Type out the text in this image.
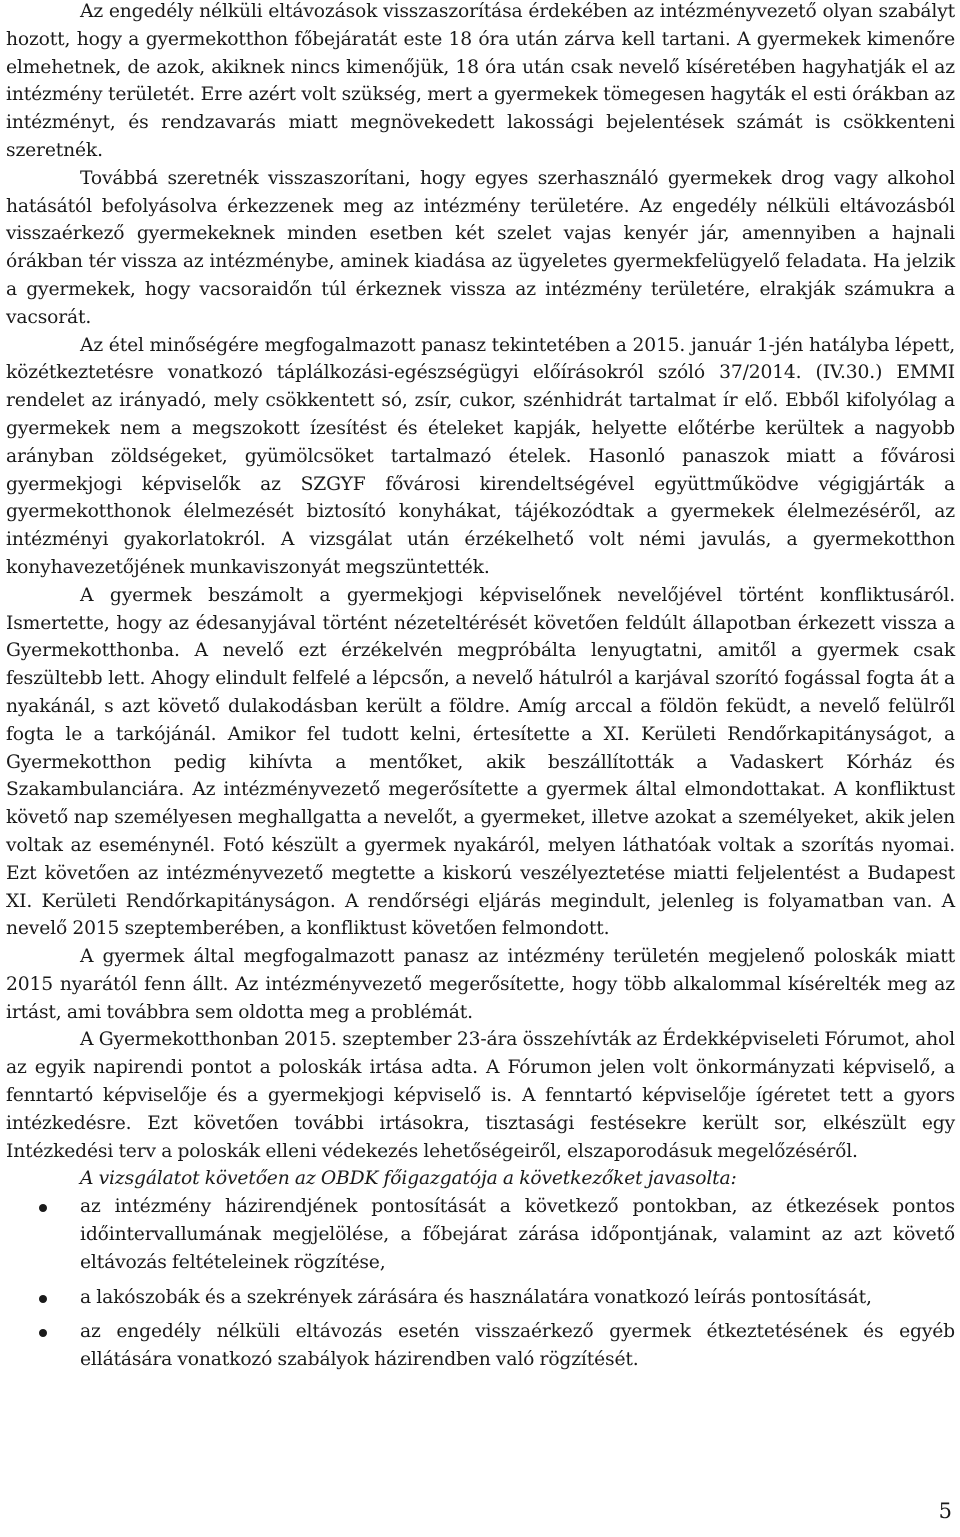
Az engedély nélküli eltávozások visszaszorítása érdekében az intézményvezető olyan szabályt hozott, hogy a gyermekotthon főbejáratát este 18 óra után zárva kell tartani. A gyermekek kimenőre elmehetnek, de azok, akiknek nincs kimenőjük, 18 óra után csak nevelő kíséretében hagyhatják el az intézmény területét. Erre azért volt szükség, mert a gyermekek tömegesen hagyták el esti órákban az intézményt, és rendzavarás miatt megnövekedett lakossági bejelentések számát is csökkenteni szeretnék.

Továbbá szeretnék visszaszorítani, hogy egyes szerhasználó gyermekek drog vagy alkohol hatásától befolyásolva érkezzenek meg az intézmény területére. Az engedély nélküli eltávozásból visszaérkező gyermekeknek minden esetben két szelet vajas kenyér jár, amennyiben a hajnali órákban tér vissza az intézménybe, aminek kiadása az ügyeletes gyermekfelügyelő feladata. Ha jelzik a gyermekek, hogy vacsoraidőn túl érkeznek vissza az intézmény területére, elrakják számukra a vacsorát.

Az étel minőségére megfogalmazott panasz tekintetében a 2015. január 1-jén hatályba lépett, közétkeztetésre vonatkozó táplálkozási-egészségügyi előírásokról szóló 37/2014. (IV.30.) EMMI rendelet az irányadó, mely csökkentett só, zsír, cukor, szénhidrát tartalmat ír elő. Ebből kifolyólag a gyermekek nem a megszokott ízesítést és ételeket kapják, helyette előtérbe kerültek a nagyobb arányban zöldségeket, gyümölcsöket tartalmazó ételek. Hasonló panaszok miatt a fővárosi gyermekjogi képviselők az SZGYF fővárosi kirendeltségével együttműködve végigjárták a gyermekotthonok élelmezését biztosító konyhákat, tájékozódtak a gyermekek élelmezéséről, az intézményi gyakorlatokról. A vizsgálat után érzékelhető volt némi javulás, a gyermekotthon konyhavezetőjének munkaviszonyát megszüntették.

A gyermek beszámolt a gyermekjogi képviselőnek nevelőjével történt konfliktusáról. Ismertette, hogy az édesanyjával történt nézeteltérését követően feldúlt állapotban érkezett vissza a Gyermekotthonba. A nevelő ezt érzékelvén megpróbálta lenyugtatni, amitől a gyermek csak feszültebb lett. Ahogy elindult felfelé a lépcsőn, a nevelő hátulról a karjával szorító fogással fogta át a nyakánál, s azt követő dulakodásban került a földre. Amíg arccal a földön feküdt, a nevelő felülről fogta le a tarkójánál. Amikor fel tudott kelni, értesítette a XI. Kerületi Rendőrkapitányságot, a Gyermekotthon pedig kihívta a mentőket, akik beszállították a Vadaskert Kórház és Szakambulanciára. Az intézményvezető megerősítette a gyermek által elmondottakat. A konfliktust követő nap személyesen meghallgatta a nevelőt, a gyermeket, illetve azokat a személyeket, akik jelen voltak az eseménynél. Fotó készült a gyermek nyakáról, melyen láthatóak voltak a szorítás nyomai. Ezt követően az intézményvezető megtette a kiskorú veszélyeztetése miatti feljelentést a Budapest XI. Kerületi Rendőrkapitányságon. A rendőrségi eljárás megindult, jelenleg is folyamatban van. A nevelő 2015 szeptemberében, a konfliktust követően felmondott.

A gyermek által megfogalmazott panasz az intézmény területén megjelenő poloskák miatt 2015 nyarától fenn állt. Az intézményvezető megerősítette, hogy több alkalommal kísérelték meg az irtást, ami továbbra sem oldotta meg a problémát.

A Gyermekotthonban 2015. szeptember 23-ára összehívták az Érdekképviseleti Fórumot, ahol az egyik napirendi pontot a poloskák irtása adta. A Fórumon jelen volt önkormányzati képviselő, a fenntartó képviselője és a gyermekjogi képviselő is. A fenntartó képviselője ígéretet tett a gyors intézkedésre. Ezt követően további irtásokra, tisztasági festésekre került sor, elkészült egy Intézkedési terv a poloskák elleni védekezés lehetőségeiről, elszaporodásuk megelőzéséről.

A vizsgálatot követően az OBDK főigazgatója a következőket javasolta:

az intézmény házirendjének pontosítását a következő pontokban, az étkezések pontos időintervallumának megjelölése, a főbejárat zárása időpontjának, valamint az azt követő eltávozás feltételeinek rögzítése,
a lakószobák és a szekrények zárására és használatára vonatkozó leírás pontosítását,
az engedély nélküli eltávozás esetén visszaérkező gyermek étkeztetésének és egyéb ellátására vonatkozó szabályok házirendben való rögzítését.
5
